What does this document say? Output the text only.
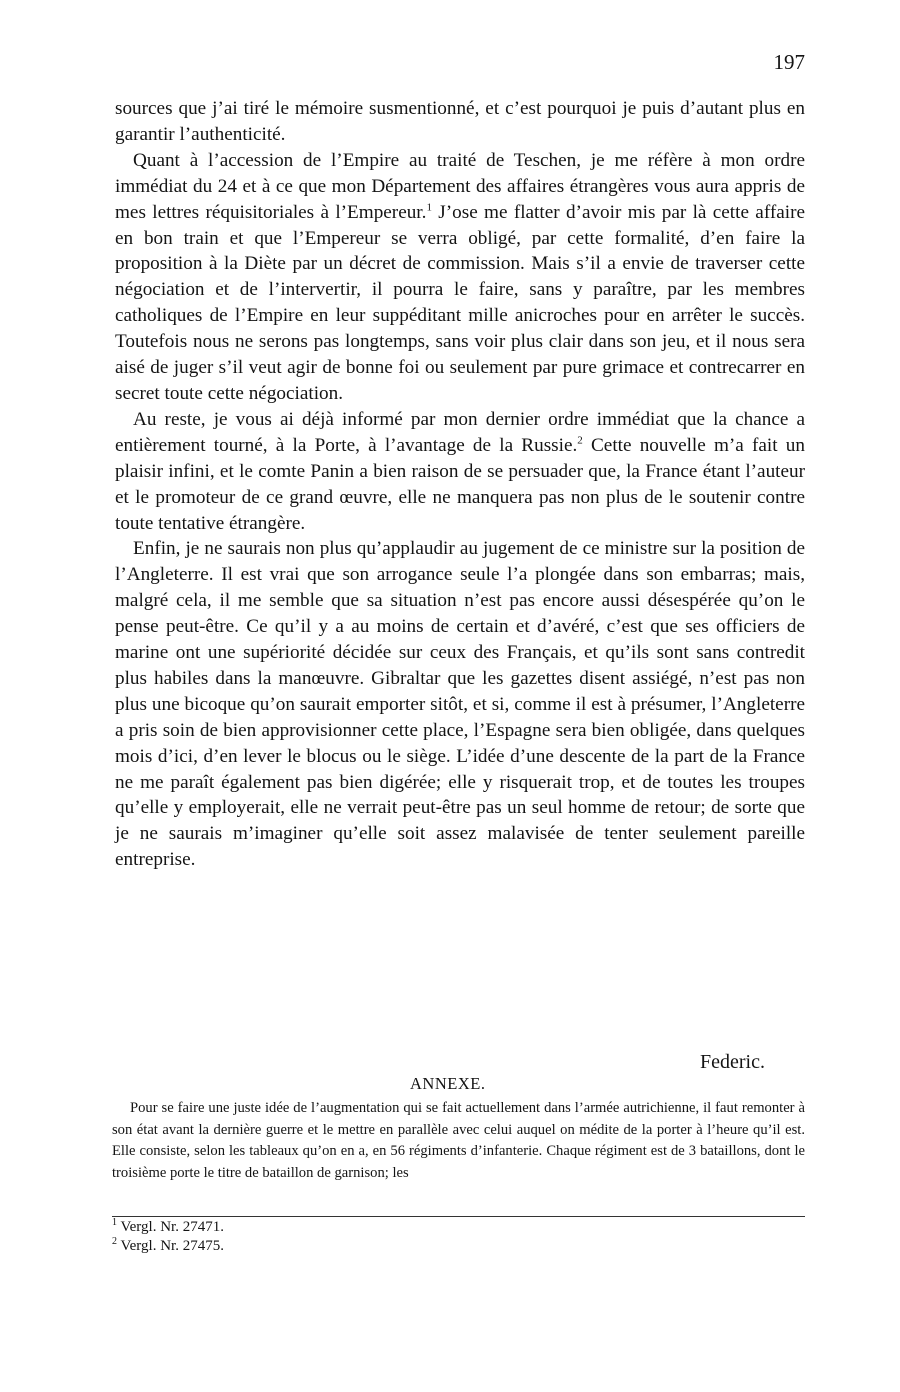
197

sources que j’ai tiré le mémoire susmentionné, et c’est pourquoi je puis d’autant plus en garantir l’authenticité.

Quant à l’accession de l’Empire au traité de Teschen, je me réfère à mon ordre immédiat du 24 et à ce que mon Département des affaires étrangères vous aura appris de mes lettres réquisitoriales à l’Empereur.$^1$ J’ose me flatter d’avoir mis par là cette affaire en bon train et que l’Empereur se verra obligé, par cette formalité, d’en faire la proposition à la Diète par un décret de commission. Mais s’il a envie de traverser cette négociation et de l’intervertir, il pourra le faire, sans y paraître, par les membres catholiques de l’Empire en leur suppéditant mille anicroches pour en arrêter le succès. Toutefois nous ne serons pas longtemps, sans voir plus clair dans son jeu, et il nous sera aisé de juger s’il veut agir de bonne foi ou seulement par pure grimace et contrecarrer en secret toute cette négociation.

Au reste, je vous ai déjà informé par mon dernier ordre immédiat que la chance a entièrement tourné, à la Porte, à l’avantage de la Russie.$^2$ Cette nouvelle m’a fait un plaisir infini, et le comte Panin a bien raison de se persuader que, la France étant l’auteur et le promoteur de ce grand œuvre, elle ne manquera pas non plus de le soutenir contre toute tentative étrangère.

Enfin, je ne saurais non plus qu’applaudir au jugement de ce ministre sur la position de l’Angleterre. Il est vrai que son arrogance seule l’a plongée dans son embarras; mais, malgré cela, il me semble que sa situation n’est pas encore aussi désespérée qu’on le pense peut-être. Ce qu’il y a au moins de certain et d’avéré, c’est que ses officiers de marine ont une supériorité décidée sur ceux des Français, et qu’ils sont sans contredit plus habiles dans la manœuvre. Gibraltar que les gazettes disent assiégé, n’est pas non plus une bicoque qu’on saurait emporter sitôt, et si, comme il est à présumer, l’Angleterre a pris soin de bien approvisionner cette place, l’Espagne sera bien obligée, dans quelques mois d’ici, d’en lever le blocus ou le siège. L’idée d’une descente de la part de la France ne me paraît également pas bien digérée; elle y risquerait trop, et de toutes les troupes qu’elle y employerait, elle ne verrait peut-être pas un seul homme de retour; de sorte que je ne saurais m’imaginer qu’elle soit assez malavisée de tenter seulement pareille entreprise.

Federic.
ANNEXE.

Pour se faire une juste idée de l’augmentation qui se fait actuellement dans l’armée autrichienne, il faut remonter à son état avant la dernière guerre et le mettre en parallèle avec celui auquel on médite de la porter à l’heure qu’il est. Elle consiste, selon les tableaux qu’on en a, en 56 régiments d’infanterie. Chaque régiment est de 3 bataillons, dont le troisième porte le titre de bataillon de garnison; les

$^1$ Vergl. Nr. 27471.
$^2$ Vergl. Nr. 27475.
